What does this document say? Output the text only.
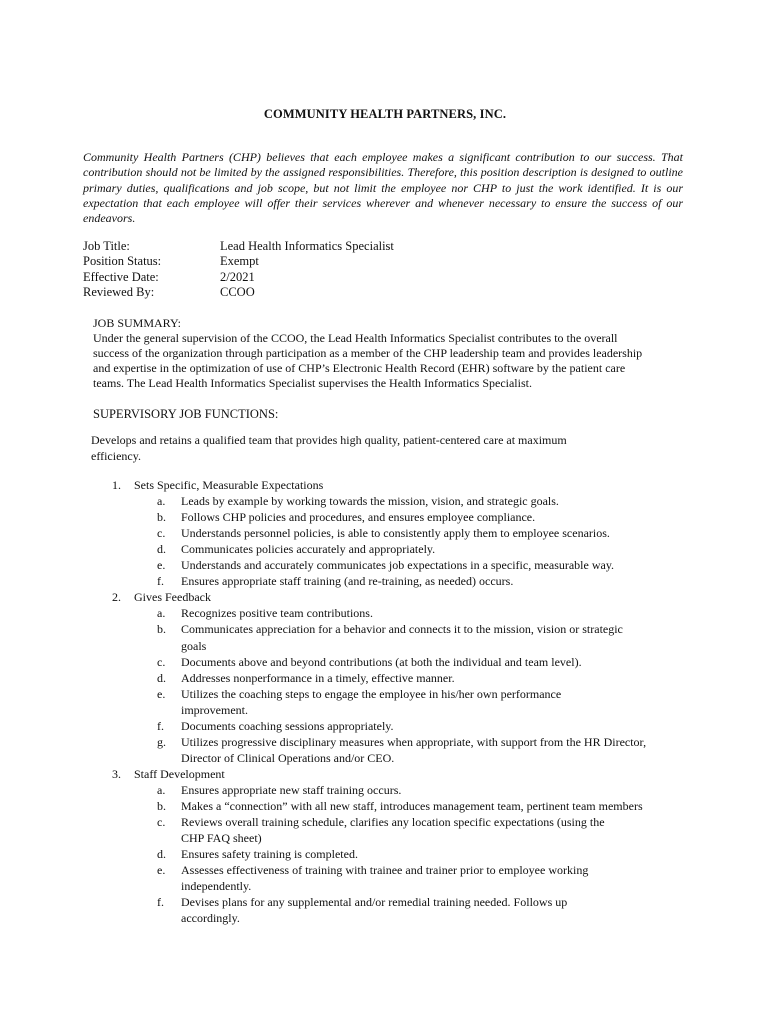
COMMUNITY HEALTH PARTNERS, INC.
Community Health Partners (CHP) believes that each employee makes a significant contribution to our success. That contribution should not be limited by the assigned responsibilities. Therefore, this position description is designed to outline primary duties, qualifications and job scope, but not limit the employee nor CHP to just the work identified. It is our expectation that each employee will offer their services wherever and whenever necessary to ensure the success of our endeavors.
Job Title:	Lead Health Informatics Specialist
Position Status:	Exempt
Effective Date:	2/2021
Reviewed By:	CCOO
JOB SUMMARY:
Under the general supervision of the CCOO, the Lead Health Informatics Specialist contributes to the overall success of the organization through participation as a member of the CHP leadership team and provides leadership and expertise in the optimization of use of CHP’s Electronic Health Record (EHR) software by the patient care teams. The Lead Health Informatics Specialist supervises the Health Informatics Specialist.
SUPERVISORY JOB FUNCTIONS:
Develops and retains a qualified team that provides high quality, patient-centered care at maximum efficiency.
1. Sets Specific, Measurable Expectations
a. Leads by example by working towards the mission, vision, and strategic goals.
b. Follows CHP policies and procedures, and ensures employee compliance.
c. Understands personnel policies, is able to consistently apply them to employee scenarios.
d. Communicates policies accurately and appropriately.
e. Understands and accurately communicates job expectations in a specific, measurable way.
f. Ensures appropriate staff training (and re-training, as needed) occurs.
2. Gives Feedback
a. Recognizes positive team contributions.
b. Communicates appreciation for a behavior and connects it to the mission, vision or strategic
goals
c. Documents above and beyond contributions (at both the individual and team level).
d. Addresses nonperformance in a timely, effective manner.
e. Utilizes the coaching steps to engage the employee in his/her own performance
improvement.
f. Documents coaching sessions appropriately.
g. Utilizes progressive disciplinary measures when appropriate, with support from the HR Director,
Director of Clinical Operations and/or CEO.
3. Staff Development
a. Ensures appropriate new staff training occurs.
b. Makes a “connection” with all new staff, introduces management team, pertinent team members
c. Reviews overall training schedule, clarifies any location specific expectations (using the
CHP FAQ sheet)
d. Ensures safety training is completed.
e. Assesses effectiveness of training with trainee and trainer prior to employee working
independently.
f. Devises plans for any supplemental and/or remedial training needed. Follows up
accordingly.
